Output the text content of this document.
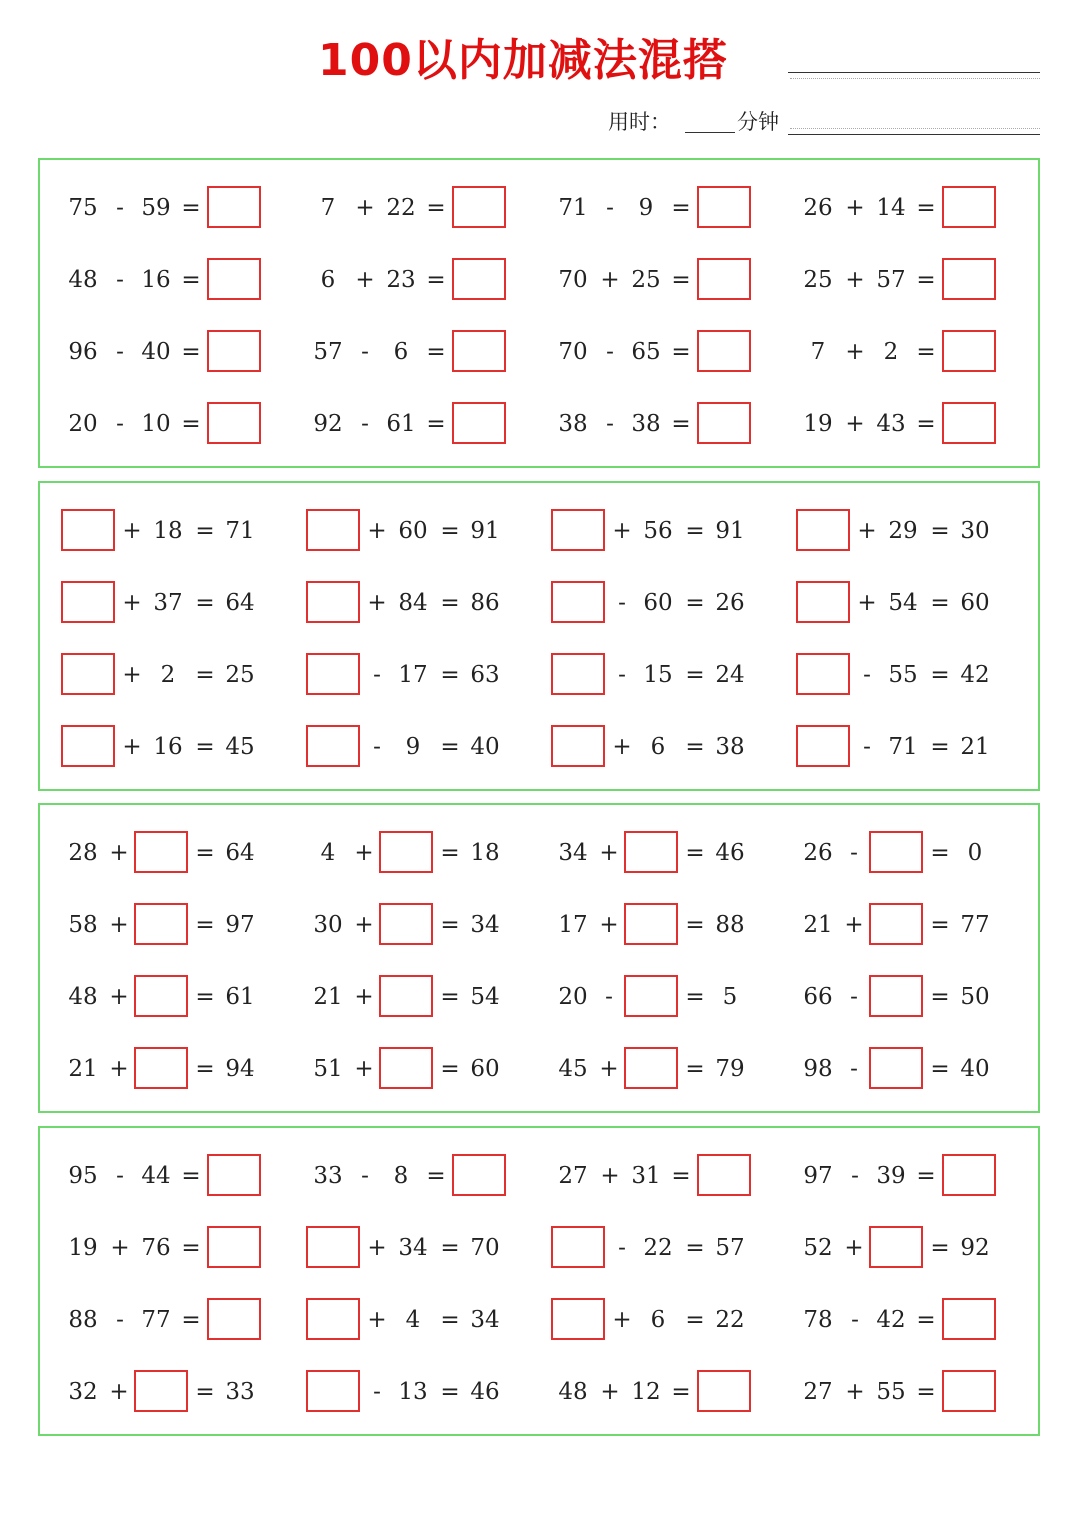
100以内加减法混搭
用时：	分钟
75 - 59 =	7 + 22 =	71 -	9 =	26 + 14 =
48 - 16 =	6 + 23 =	70 + 25 =	25 + 57 =
96 - 40 =	57 -	6 =	70 - 65 =	7 + 2 =
20 - 10 =	92 - 61 =	38 - 38 =	19 + 43 =
+ 18 = 71	+ 60 = 91	+ 56 = 91	+ 29 = 30
+ 37 = 64	+ 84 = 86	- 60 = 26	+ 54 = 60
+ 2 = 25	- 17 = 63	- 15 = 24	- 55 = 42
+ 16 = 45	-	9 = 40	+ 6 = 38	- 71 = 21
28 +	= 64	4 +	= 18	34 +	= 46	26 -	= 0
58 +	= 97	30 +	= 34	17 +	= 88	21 +	= 77
48 +	= 61	21 +	= 54	20 -	= 5	66 -	= 50
21 +	= 94	51 +	= 60	45 +	= 79	98 -	= 40
95 - 44 =	33 -	8 =	27 + 31 =	97 - 39 =
19 + 76 =	+ 34 = 70	- 22 = 57	52 +	= 92
88 - 77 =	+ 4 = 34	+ 6 = 22	78 - 42 =
32 +	= 33	- 13 = 46	48 + 12 =	27 + 55 =
